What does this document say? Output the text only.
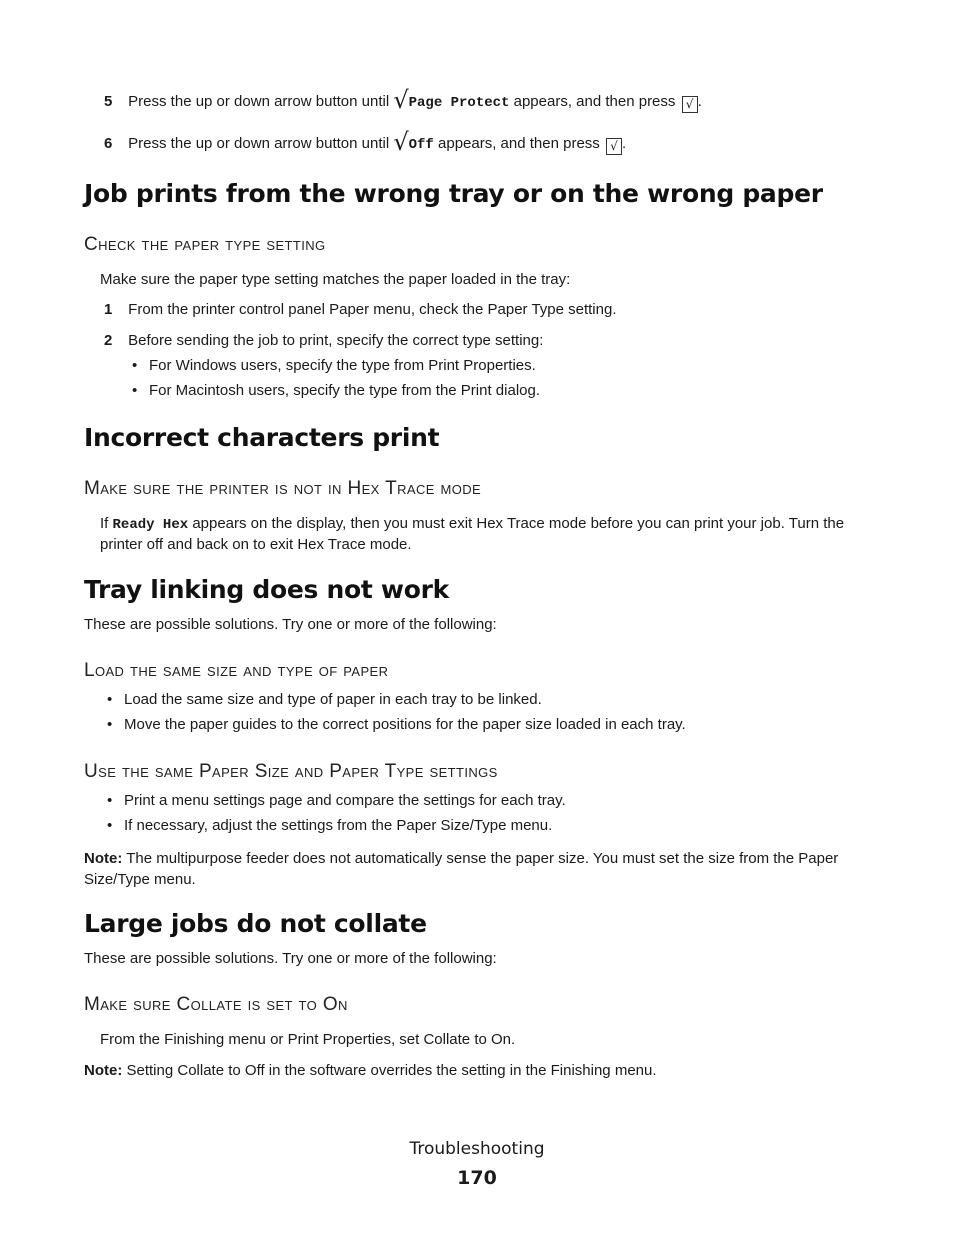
5 Press the up or down arrow button until √Page Protect appears, and then press √ .
6 Press the up or down arrow button until √Off appears, and then press √ .
Job prints from the wrong tray or on the wrong paper
Check the paper type setting
Make sure the paper type setting matches the paper loaded in the tray:
1 From the printer control panel Paper menu, check the Paper Type setting.
2 Before sending the job to print, specify the correct type setting:
• For Windows users, specify the type from Print Properties.
• For Macintosh users, specify the type from the Print dialog.
Incorrect characters print
Make sure the printer is not in Hex Trace mode
If Ready Hex appears on the display, then you must exit Hex Trace mode before you can print your job. Turn the
printer off and back on to exit Hex Trace mode.
Tray linking does not work
These are possible solutions. Try one or more of the following:
Load the same size and type of paper
• Load the same size and type of paper in each tray to be linked.
• Move the paper guides to the correct positions for the paper size loaded in each tray.
Use the same Paper Size and Paper Type settings
• Print a menu settings page and compare the settings for each tray.
• If necessary, adjust the settings from the Paper Size/Type menu.
Note: The multipurpose feeder does not automatically sense the paper size. You must set the size from the Paper
Size/Type menu.
Large jobs do not collate
These are possible solutions. Try one or more of the following:
Make sure Collate is set to On
From the Finishing menu or Print Properties, set Collate to On.
Note: Setting Collate to Off in the software overrides the setting in the Finishing menu.
Troubleshooting
170
